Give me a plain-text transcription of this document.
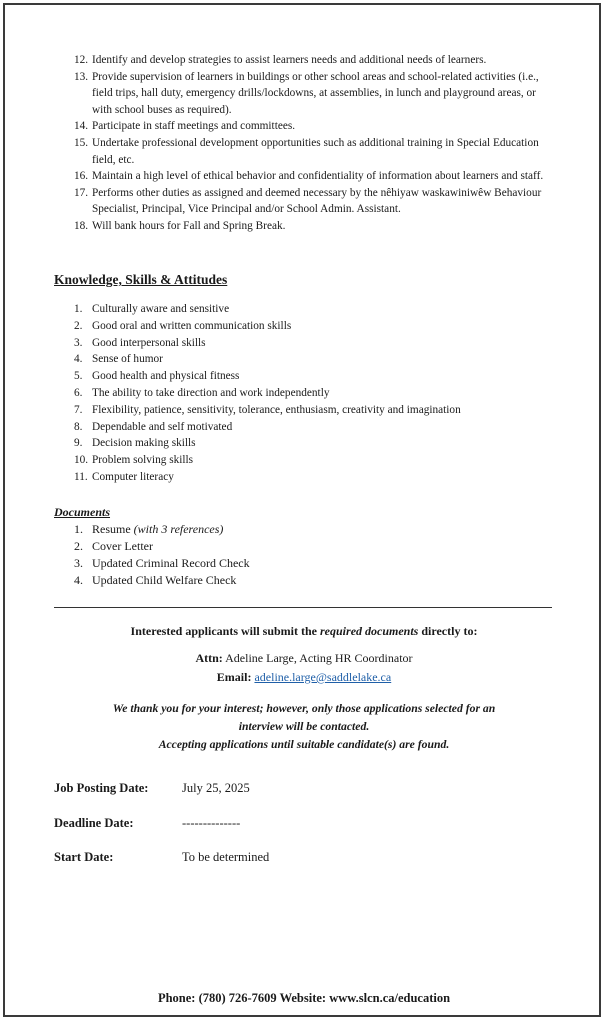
12. Identify and develop strategies to assist learners needs and additional needs of learners.
13. Provide supervision of learners in buildings or other school areas and school-related activities (i.e., field trips, hall duty, emergency drills/lockdowns, at assemblies, in lunch and playground areas, or with school buses as required).
14. Participate in staff meetings and committees.
15. Undertake professional development opportunities such as additional training in Special Education field, etc.
16. Maintain a high level of ethical behavior and confidentiality of information about learners and staff.
17. Performs other duties as assigned and deemed necessary by the nêhiyaw waskawiniwêw Behaviour Specialist, Principal, Vice Principal and/or School Admin. Assistant.
18. Will bank hours for Fall and Spring Break.
Knowledge, Skills & Attitudes
1. Culturally aware and sensitive
2. Good oral and written communication skills
3. Good interpersonal skills
4. Sense of humor
5. Good health and physical fitness
6. The ability to take direction and work independently
7. Flexibility, patience, sensitivity, tolerance, enthusiasm, creativity and imagination
8. Dependable and self motivated
9. Decision making skills
10. Problem solving skills
11. Computer literacy
Documents
1. Resume (with 3 references)
2. Cover Letter
3. Updated Criminal Record Check
4. Updated Child Welfare Check
Interested applicants will submit the required documents directly to:
Attn: Adeline Large, Acting HR Coordinator
Email: adeline.large@saddlelake.ca
We thank you for your interest; however, only those applications selected for an
interview will be contacted.
Accepting applications until suitable candidate(s) are found.
Job Posting Date:	July 25, 2025
Deadline Date:	--------------
Start Date:	To be determined
Phone: (780) 726-7609 Website: www.slcn.ca/education
